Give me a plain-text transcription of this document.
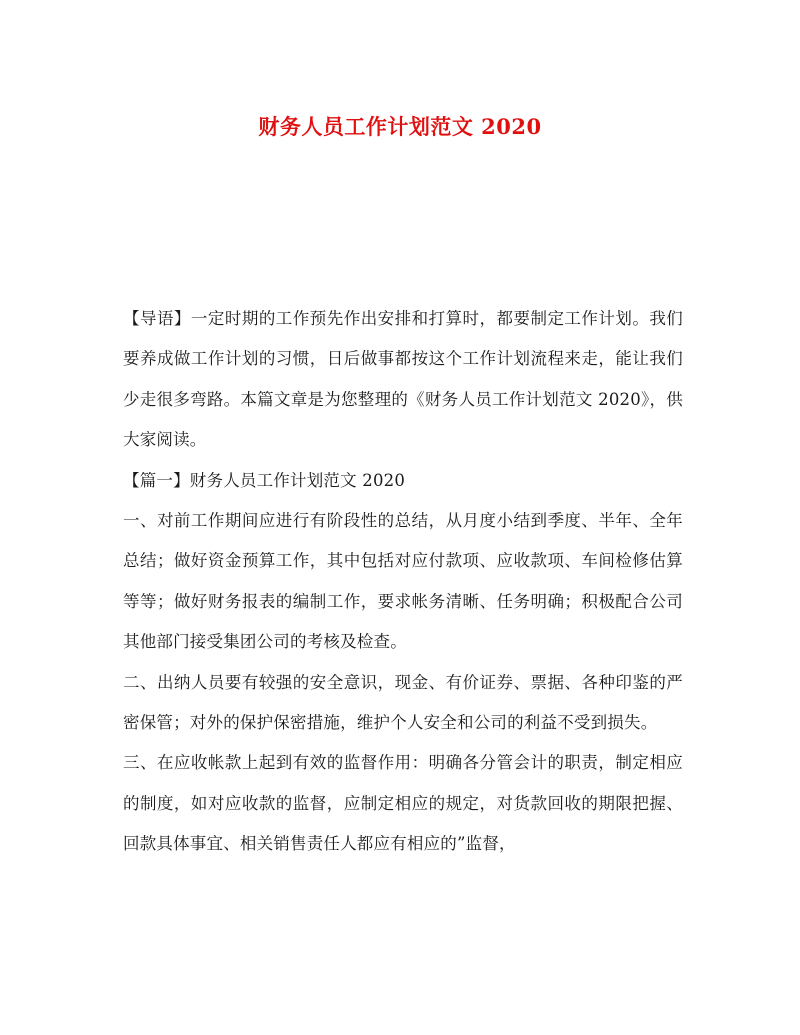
财务人员工作计划范文 2020

【导语】一定时期的工作预先作出安排和打算时，都要制定工作计划。我们要养成做工作计划的习惯，日后做事都按这个工作计划流程来走，能让我们少走很多弯路。本篇文章是为您整理的《财务人员工作计划范文 2020》，供大家阅读。

【篇一】财务人员工作计划范文 2020

一、对前工作期间应进行有阶段性的总结，从月度小结到季度、半年、全年总结；做好资金预算工作，其中包括对应付款项、应收款项、车间检修估算等等；做好财务报表的编制工作，要求帐务清晰、任务明确；积极配合公司其他部门接受集团公司的考核及检查。

二、出纳人员要有较强的安全意识，现金、有价证券、票据、各种印鉴的严密保管；对外的保护保密措施，维护个人安全和公司的利益不受到损失。

三、在应收帐款上起到有效的监督作用：明确各分管会计的职责，制定相应的制度，如对应收款的监督，应制定相应的规定，对货款回收的期限把握、回款具体事宜、相关销售责任人都应有相应的”监督，
